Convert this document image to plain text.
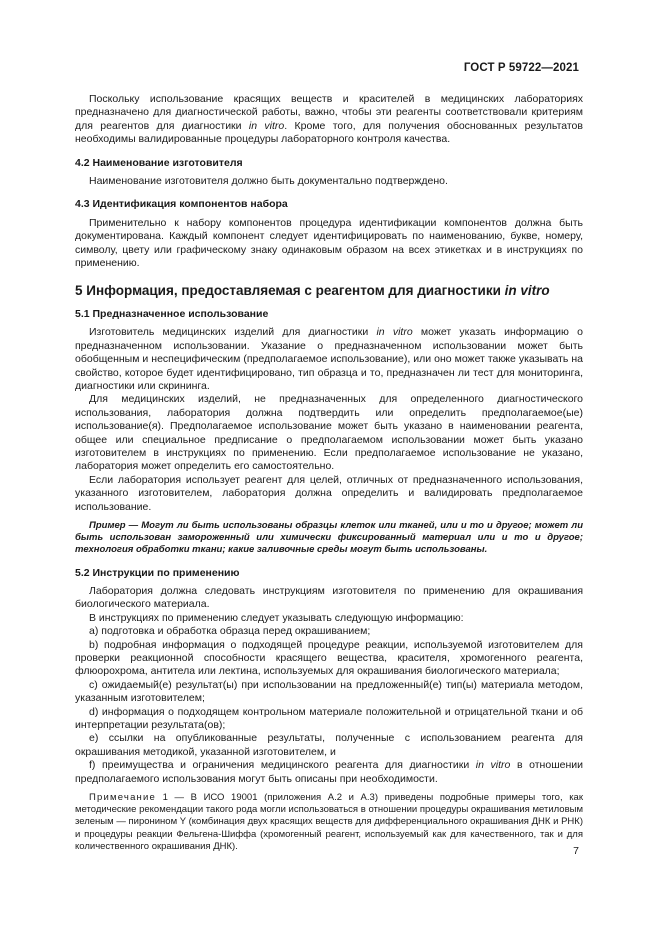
ГОСТ Р 59722—2021

Поскольку использование красящих веществ и красителей в медицинских лабораториях предназначено для диагностической работы, важно, чтобы эти реагенты соответствовали критериям для реагентов для диагностики in vitro. Кроме того, для получения обоснованных результатов необходимы валидированные процедуры лабораторного контроля качества.

4.2 Наименование изготовителя

Наименование изготовителя должно быть документально подтверждено.

4.3 Идентификация компонентов набора

Применительно к набору компонентов процедура идентификации компонентов должна быть документирована. Каждый компонент следует идентифицировать по наименованию, букве, номеру, символу, цвету или графическому знаку одинаковым образом на всех этикетках и в инструкциях по применению.

5 Информация, предоставляемая с реагентом для диагностики in vitro
5.1 Предназначенное использование

Изготовитель медицинских изделий для диагностики in vitro может указать информацию о предназначенном использовании. Указание о предназначенном использовании может быть обобщенным и неспецифическим (предполагаемое использование), или оно может также указывать на свойство, которое будет идентифицировано, тип образца и то, предназначен ли тест для мониторинга, диагностики или скрининга.

Для медицинских изделий, не предназначенных для определенного диагностического использования, лаборатория должна подтвердить или определить предполагаемое(ые) использование(я). Предполагаемое использование может быть указано в наименовании реагента, общее или специальное предписание о предполагаемом использовании может быть указано изготовителем в инструкциях по применению. Если предполагаемое использование не указано, лаборатория может определить его самостоятельно.

Если лаборатория использует реагент для целей, отличных от предназначенного использования, указанного изготовителем, лаборатория должна определить и валидировать предполагаемое использование.

Пример — Могут ли быть использованы образцы клеток или тканей, или и то и другое; может ли быть использован замороженный или химически фиксированный материал или и то и другое; технология обработки ткани; какие заливочные среды могут быть использованы.

5.2 Инструкции по применению

Лаборатория должна следовать инструкциям изготовителя по применению для окрашивания биологического материала.

В инструкциях по применению следует указывать следующую информацию:

a) подготовка и обработка образца перед окрашиванием;

b) подробная информация о подходящей процедуре реакции, используемой изготовителем для проверки реакционной способности красящего вещества, красителя, хромогенного реагента, флюорохрома, антитела или лектина, используемых для окрашивания биологического материала;

c) ожидаемый(е) результат(ы) при использовании на предложенный(е) тип(ы) материала методом, указанным изготовителем;

d) информация о подходящем контрольном материале положительной и отрицательной ткани и об интерпретации результата(ов);

e) ссылки на опубликованные результаты, полученные с использованием реагента для окрашивания методикой, указанной изготовителем, и

f) преимущества и ограничения медицинского реагента для диагностики in vitro в отношении предполагаемого использования могут быть описаны при необходимости.

Примечание 1 — В ИСО 19001 (приложения А.2 и А.3) приведены подробные примеры того, как методические рекомендации такого рода могли использоваться в отношении процедуры окрашивания метиловым зеленым — пиронином Y (комбинация двух красящих веществ для дифференциального окрашивания ДНК и РНК) и процедуры реакции Фельгена-Шиффа (хромогенный реагент, используемый как для качественного, так и для количественного окрашивания ДНК).	7
